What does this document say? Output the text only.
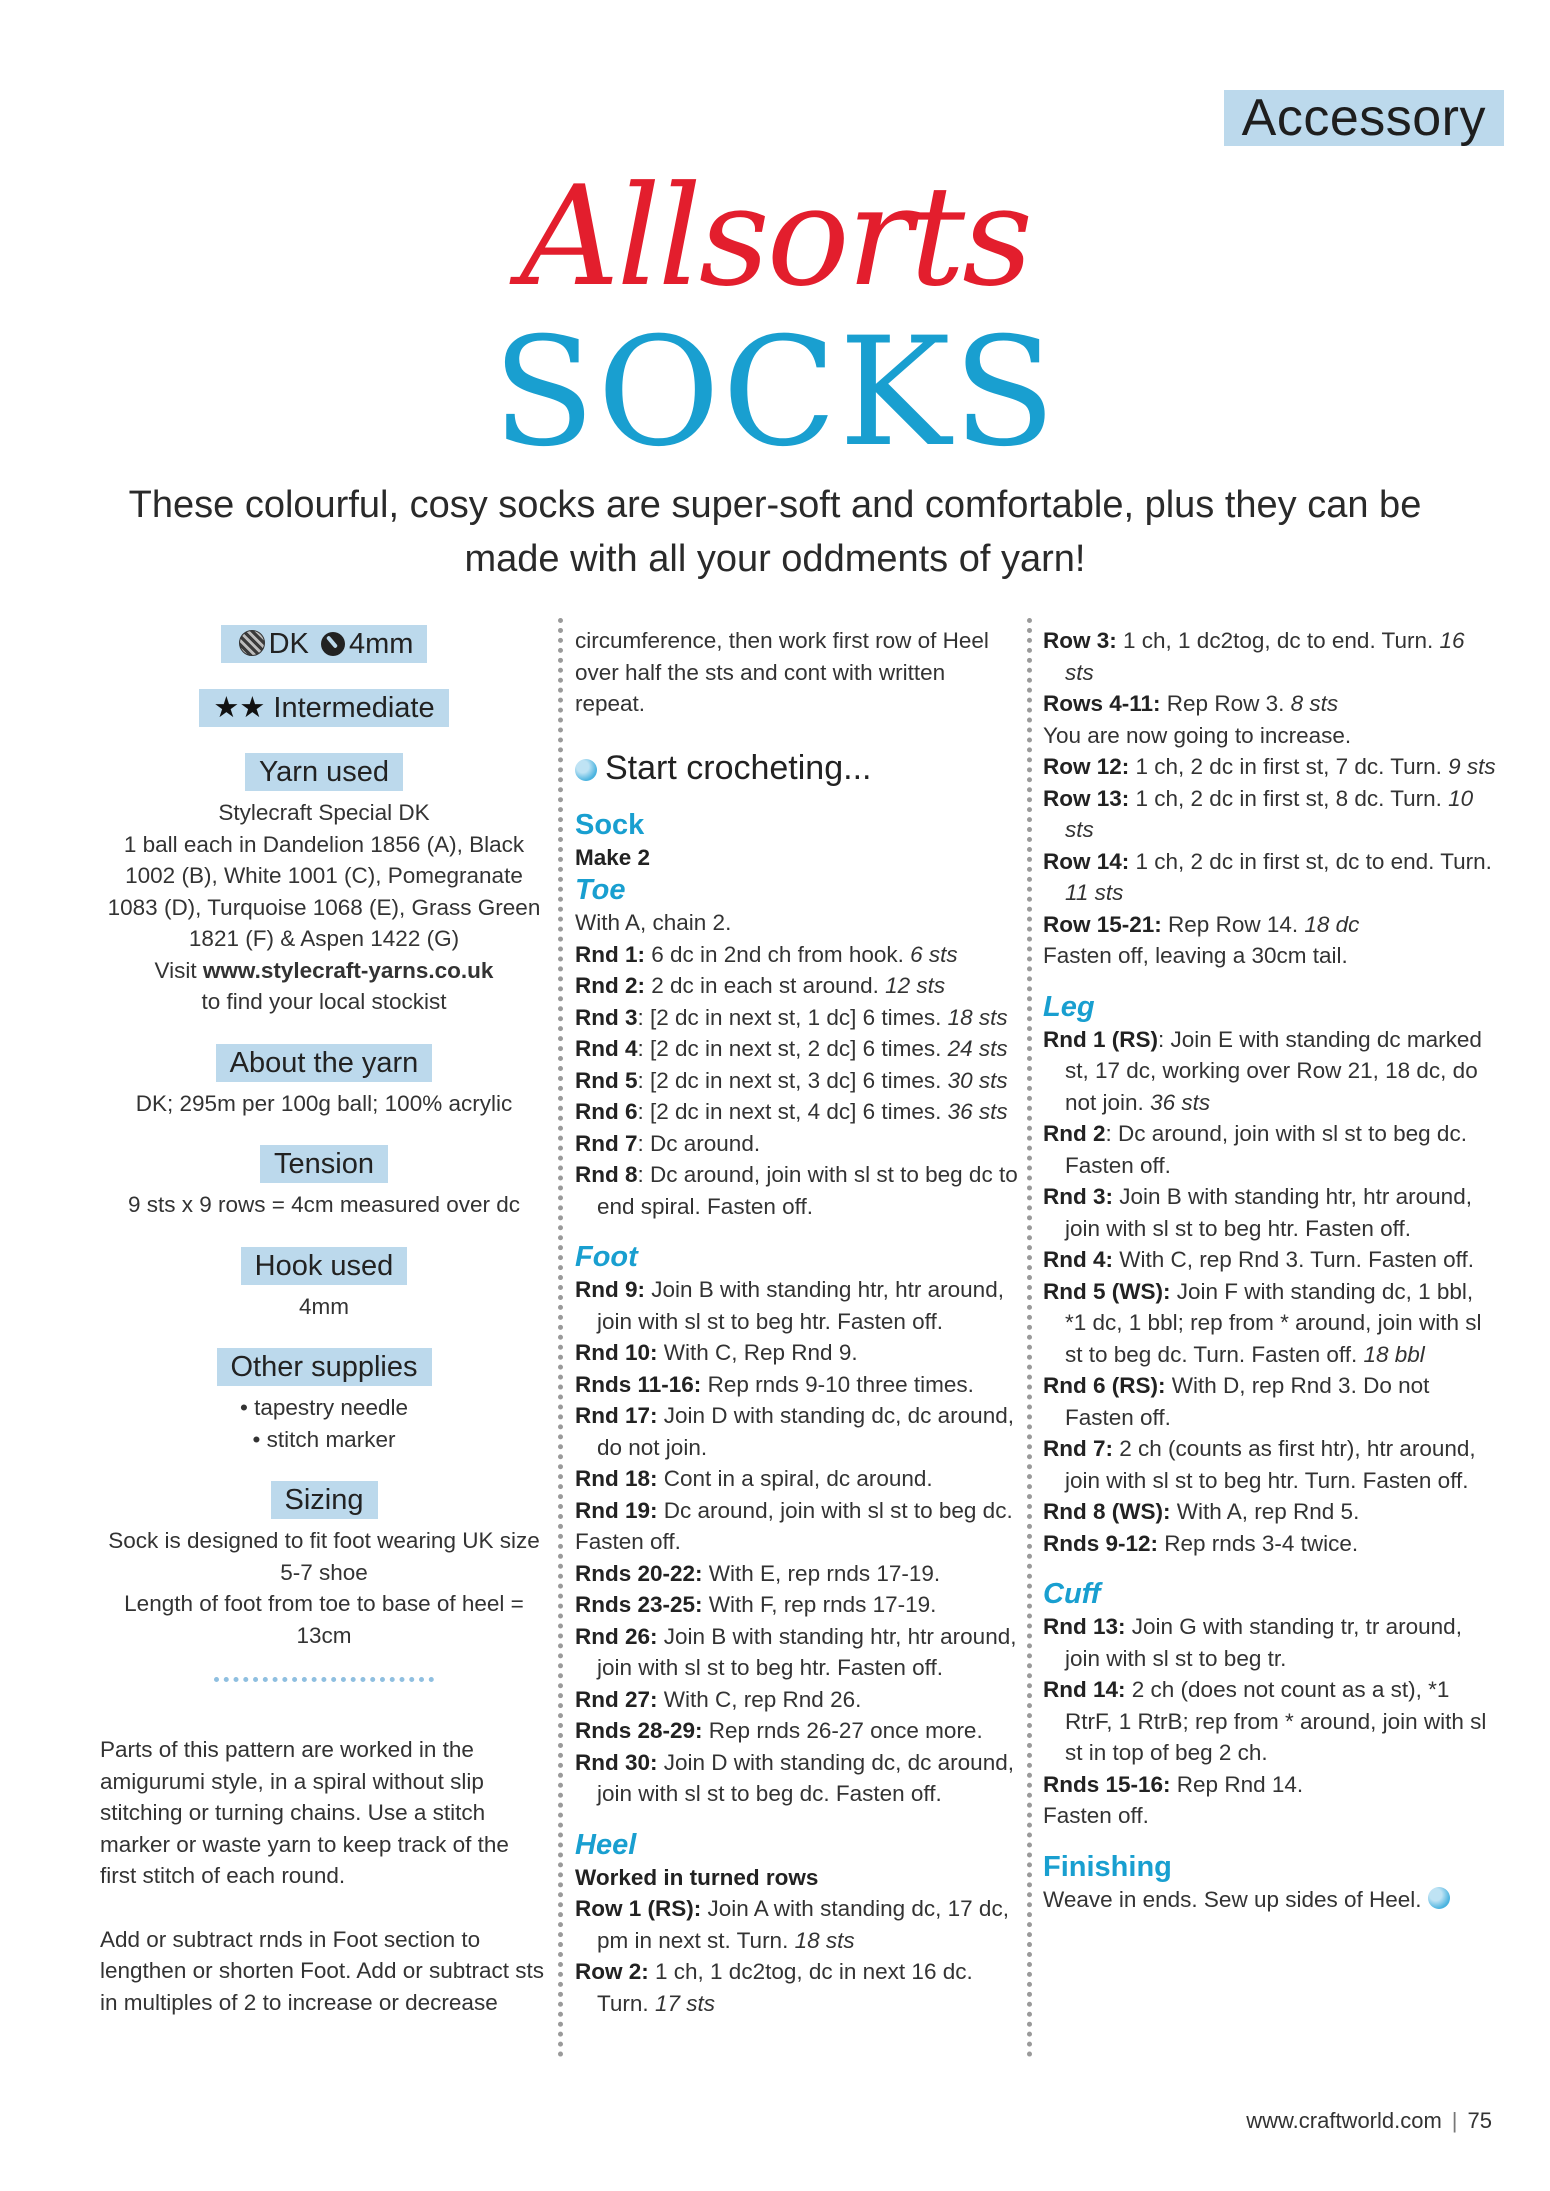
Accessory
Allsorts
SOCKS
These colourful, cosy socks are super-soft and comfortable, plus they can be made with all your oddments of yarn!
DK 4mm
★★ Intermediate
Yarn used
Stylecraft Special DK
1 ball each in Dandelion 1856 (A), Black 1002 (B), White 1001 (C), Pomegranate 1083 (D), Turquoise 1068 (E), Grass Green 1821 (F) & Aspen 1422 (G)
Visit www.stylecraft-yarns.co.uk
to find your local stockist
About the yarn
DK; 295m per 100g ball; 100% acrylic
Tension
9 sts x 9 rows = 4cm measured over dc
Hook used
4mm
Other supplies
• tapestry needle
• stitch marker
Sizing
Sock is designed to fit foot wearing UK size 5-7 shoe
Length of foot from toe to base of heel = 13cm
Parts of this pattern are worked in the amigurumi style, in a spiral without slip stitching or turning chains. Use a stitch marker or waste yarn to keep track of the first stitch of each round.
Add or subtract rnds in Foot section to lengthen or shorten Foot. Add or subtract sts in multiples of 2 to increase or decrease
circumference, then work first row of Heel over half the sts and cont with written repeat.
Start crocheting...
Sock
Make 2
Toe
With A, chain 2.
Rnd 1: 6 dc in 2nd ch from hook. 6 sts
Rnd 2: 2 dc in each st around. 12 sts
Rnd 3: [2 dc in next st, 1 dc] 6 times. 18 sts
Rnd 4: [2 dc in next st, 2 dc] 6 times. 24 sts
Rnd 5: [2 dc in next st, 3 dc] 6 times. 30 sts
Rnd 6: [2 dc in next st, 4 dc] 6 times. 36 sts
Rnd 7: Dc around.
Rnd 8: Dc around, join with sl st to beg dc to end spiral. Fasten off.
Foot
Rnd 9: Join B with standing htr, htr around, join with sl st to beg htr. Fasten off.
Rnd 10: With C, Rep Rnd 9.
Rnds 11-16: Rep rnds 9-10 three times.
Rnd 17: Join D with standing dc, dc around, do not join.
Rnd 18: Cont in a spiral, dc around.
Rnd 19: Dc around, join with sl st to beg dc.
Fasten off.
Rnds 20-22: With E, rep rnds 17-19.
Rnds 23-25: With F, rep rnds 17-19.
Rnd 26: Join B with standing htr, htr around, join with sl st to beg htr. Fasten off.
Rnd 27: With C, rep Rnd 26.
Rnds 28-29: Rep rnds 26-27 once more.
Rnd 30: Join D with standing dc, dc around, join with sl st to beg dc. Fasten off.
Heel
Worked in turned rows
Row 1 (RS): Join A with standing dc, 17 dc, pm in next st. Turn. 18 sts
Row 2: 1 ch, 1 dc2tog, dc in next 16 dc. Turn. 17 sts
Row 3: 1 ch, 1 dc2tog, dc to end. Turn. 16 sts
Rows 4-11: Rep Row 3. 8 sts
You are now going to increase.
Row 12: 1 ch, 2 dc in first st, 7 dc. Turn. 9 sts
Row 13: 1 ch, 2 dc in first st, 8 dc. Turn. 10 sts
Row 14: 1 ch, 2 dc in first st, dc to end. Turn. 11 sts
Row 15-21: Rep Row 14. 18 dc
Fasten off, leaving a 30cm tail.
Leg
Rnd 1 (RS): Join E with standing dc marked st, 17 dc, working over Row 21, 18 dc, do not join. 36 sts
Rnd 2: Dc around, join with sl st to beg dc. Fasten off.
Rnd 3: Join B with standing htr, htr around, join with sl st to beg htr. Fasten off.
Rnd 4: With C, rep Rnd 3. Turn. Fasten off.
Rnd 5 (WS): Join F with standing dc, 1 bbl, *1 dc, 1 bbl; rep from * around, join with sl st to beg dc. Turn. Fasten off. 18 bbl
Rnd 6 (RS): With D, rep Rnd 3. Do not Fasten off.
Rnd 7: 2 ch (counts as first htr), htr around, join with sl st to beg htr. Turn. Fasten off.
Rnd 8 (WS): With A, rep Rnd 5.
Rnds 9-12: Rep rnds 3-4 twice.
Cuff
Rnd 13: Join G with standing tr, tr around, join with sl st to beg tr.
Rnd 14: 2 ch (does not count as a st), *1 RtrF, 1 RtrB; rep from * around, join with sl st in top of beg 2 ch.
Rnds 15-16: Rep Rnd 14.
Fasten off.
Finishing
Weave in ends. Sew up sides of Heel.
www.craftworld.com | 75
